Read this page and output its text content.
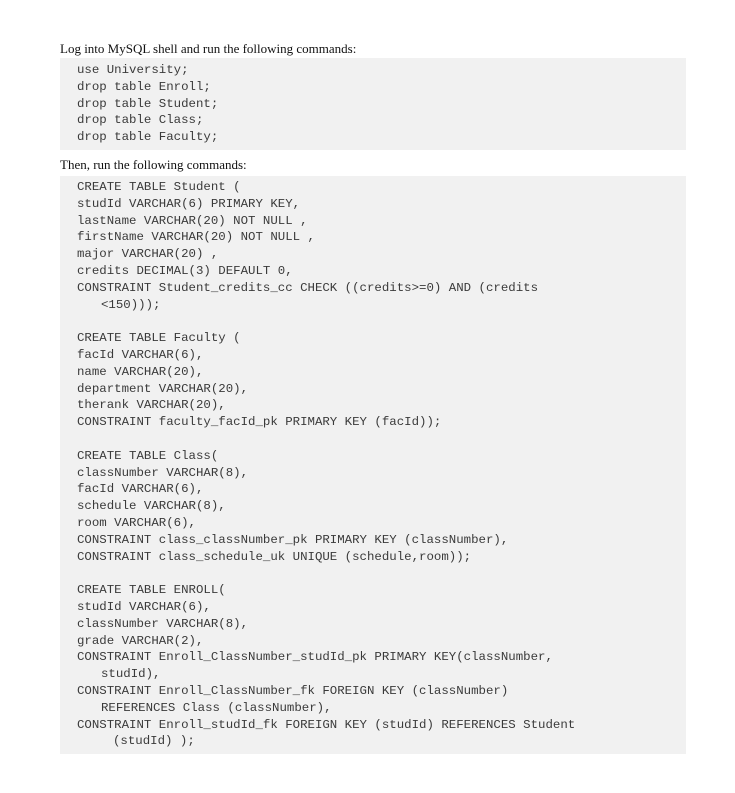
Log into MySQL shell and run the following commands:
use University;
drop table Enroll;
drop table Student;
drop table Class;
drop table Faculty;
Then, run the following commands:
CREATE TABLE Student (
studId VARCHAR(6) PRIMARY KEY,
lastName VARCHAR(20) NOT NULL ,
firstName VARCHAR(20) NOT NULL ,
major VARCHAR(20) ,
credits DECIMAL(3) DEFAULT 0,
CONSTRAINT Student_credits_cc CHECK ((credits>=0) AND (credits
<150)));
CREATE TABLE Faculty (
facId VARCHAR(6),
name VARCHAR(20),
department VARCHAR(20),
therank VARCHAR(20),
CONSTRAINT faculty_facId_pk PRIMARY KEY (facId));
CREATE TABLE Class(
classNumber VARCHAR(8),
facId VARCHAR(6),
schedule VARCHAR(8),
room VARCHAR(6),
CONSTRAINT class_classNumber_pk PRIMARY KEY (classNumber),
CONSTRAINT class_schedule_uk UNIQUE (schedule,room));
CREATE TABLE ENROLL(
studId VARCHAR(6),
classNumber VARCHAR(8),
grade VARCHAR(2),
CONSTRAINT Enroll_ClassNumber_studId_pk PRIMARY KEY(classNumber,
studId),
CONSTRAINT Enroll_ClassNumber_fk FOREIGN KEY (classNumber)
REFERENCES Class (classNumber),
CONSTRAINT Enroll_studId_fk FOREIGN KEY (studId) REFERENCES Student
(studId) );
